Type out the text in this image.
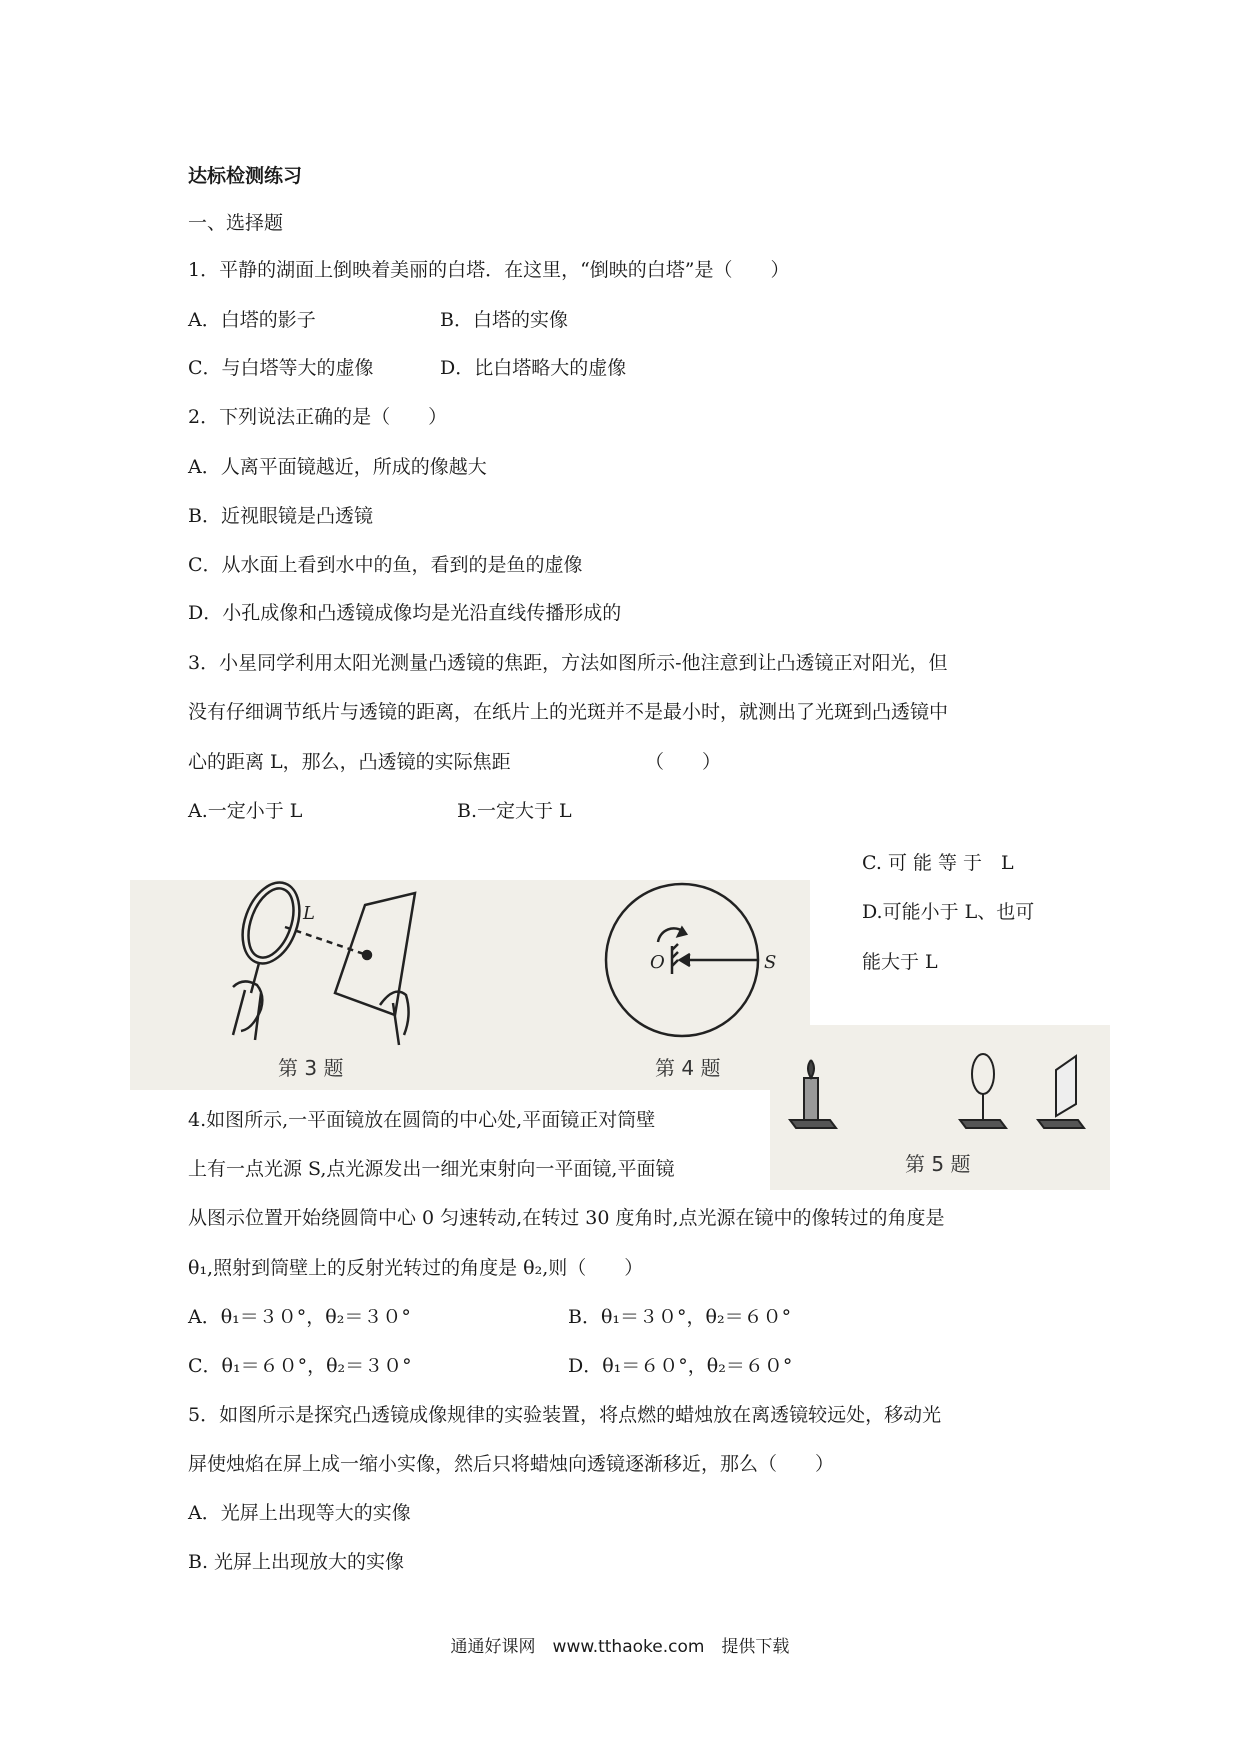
达标检测练习
一、选择题
1．平静的湖面上倒映着美丽的白塔．在这里，“倒映的白塔”是（　　）
A．白塔的影子	B．白塔的实像
C．与白塔等大的虚像	D．比白塔略大的虚像
2．下列说法正确的是（　　）
A．人离平面镜越近，所成的像越大
B．近视眼镜是凸透镜
C．从水面上看到水中的鱼，看到的是鱼的虚像
D．小孔成像和凸透镜成像均是光沿直线传播形成的
3．小星同学利用太阳光测量凸透镜的焦距，方法如图所示-他注意到让凸透镜正对阳光，但
没有仔细调节纸片与透镜的距离，在纸片上的光斑并不是最小时，就测出了光斑到凸透镜中
心的距离 L，那么，凸透镜的实际焦距	（　　）
A.一定小于 L	B.一定大于 L
C. 可 能 等 于　L
D.可能小于 L、也可
能大于 L
L
第 3 题
O	S
第 4 题
第 5 题
4.如图所示,一平面镜放在圆筒的中心处,平面镜正对筒壁
上有一点光源 S,点光源发出一细光束射向一平面镜,平面镜
从图示位置开始绕圆筒中心 0 匀速转动,在转过 30 度角时,点光源在镜中的像转过的角度是
θ₁,照射到筒壁上的反射光转过的角度是 θ₂,则（　　）
A．θ₁＝３０°，θ₂＝３０°	B．θ₁＝３０°，θ₂＝６０°
C．θ₁＝６０°，θ₂＝３０°	D．θ₁＝６０°，θ₂＝６０°
5．如图所示是探究凸透镜成像规律的实验装置，将点燃的蜡烛放在离透镜较远处，移动光
屏使烛焰在屏上成一缩小实像，然后只将蜡烛向透镜逐渐移近，那么（　　）
A．光屏上出现等大的实像
B. 光屏上出现放大的实像
通通好课网　www.tthaoke.com　提供下载
